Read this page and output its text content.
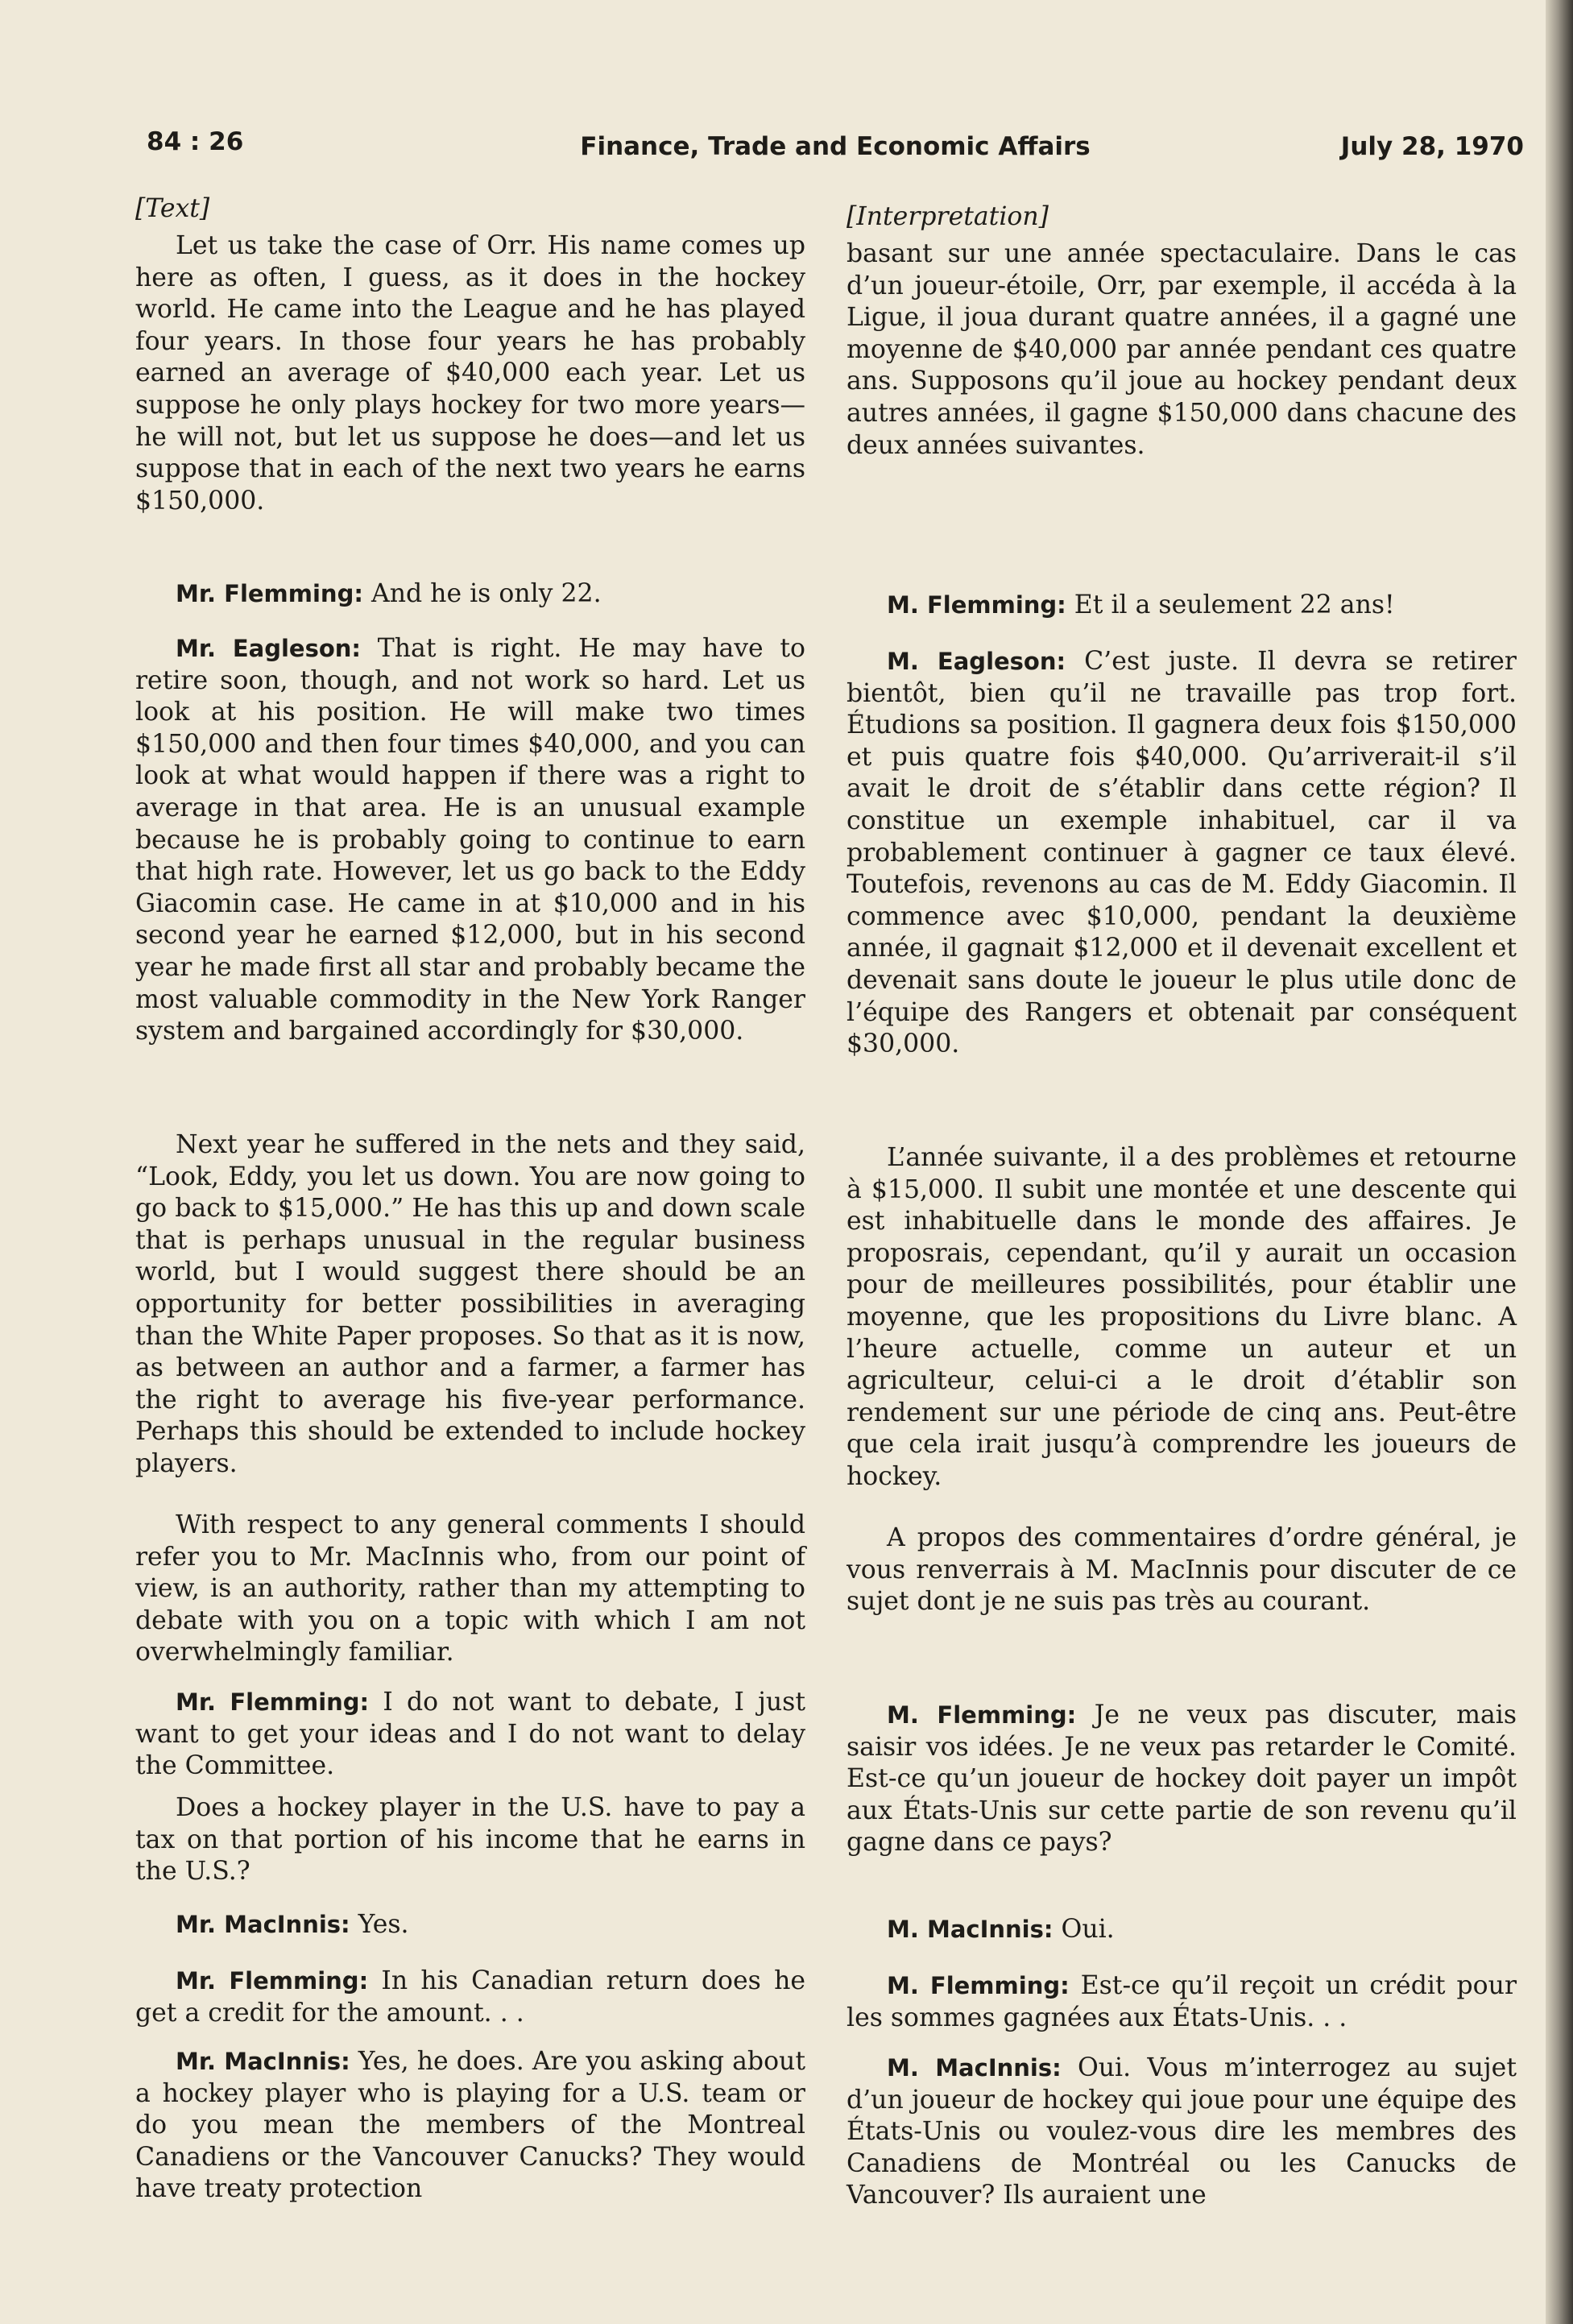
84 : 26	Finance, Trade and Economic Affairs	July 28, 1970
[Text]

Let us take the case of Orr. His name comes up here as often, I guess, as it does in the hockey world. He came into the League and he has played four years. In those four years he has probably earned an average of $40,000 each year. Let us suppose he only plays hockey for two more years—he will not, but let us suppose he does—and let us suppose that in each of the next two years he earns $150,000.

Mr. Flemming: And he is only 22.

Mr. Eagleson: That is right. He may have to retire soon, though, and not work so hard. Let us look at his position. He will make two times $150,000 and then four times $40,000, and you can look at what would happen if there was a right to average in that area. He is an unusual example because he is probably going to continue to earn that high rate. However, let us go back to the Eddy Giacomin case. He came in at $10,000 and in his second year he earned $12,000, but in his second year he made first all star and probably became the most valuable commodity in the New York Ranger system and bargained accordingly for $30,000.

Next year he suffered in the nets and they said, “Look, Eddy, you let us down. You are now going to go back to $15,000.” He has this up and down scale that is perhaps unusual in the regular business world, but I would suggest there should be an opportunity for better possibilities in averaging than the White Paper proposes. So that as it is now, as between an author and a farmer, a farmer has the right to average his five-year performance. Perhaps this should be extended to include hockey players.

With respect to any general comments I should refer you to Mr. MacInnis who, from our point of view, is an authority, rather than my attempting to debate with you on a topic with which I am not overwhelmingly familiar.

Mr. Flemming: I do not want to debate, I just want to get your ideas and I do not want to delay the Committee.

Does a hockey player in the U.S. have to pay a tax on that portion of his income that he earns in the U.S.?

Mr. MacInnis: Yes.

Mr. Flemming: In his Canadian return does he get a credit for the amount. . .

Mr. MacInnis: Yes, he does. Are you asking about a hockey player who is playing for a U.S. team or do you mean the members of the Montreal Canadiens or the Vancouver Canucks? They would have treaty protection

[Interpretation]

basant sur une année spectaculaire. Dans le cas d’un joueur-étoile, Orr, par exemple, il accéda à la Ligue, il joua durant quatre années, il a gagné une moyenne de $40,000 par année pendant ces quatre ans. Supposons qu’il joue au hockey pendant deux autres années, il gagne $150,000 dans chacune des deux années suivantes.

M. Flemming: Et il a seulement 22 ans!

M. Eagleson: C’est juste. Il devra se retirer bientôt, bien qu’il ne travaille pas trop fort. Étudions sa position. Il gagnera deux fois $150,000 et puis quatre fois $40,000. Qu’arriverait-il s’il avait le droit de s’établir dans cette région? Il constitue un exemple inhabituel, car il va probablement continuer à gagner ce taux élevé. Toutefois, revenons au cas de M. Eddy Giacomin. Il commence avec $10,000, pendant la deuxième année, il gagnait $12,000 et il devenait excellent et devenait sans doute le joueur le plus utile donc de l’équipe des Rangers et obtenait par conséquent $30,000.

L’année suivante, il a des problèmes et retourne à $15,000. Il subit une montée et une descente qui est inhabituelle dans le monde des affaires. Je proposrais, cependant, qu’il y aurait un occasion pour de meilleures possibilités, pour établir une moyenne, que les propositions du Livre blanc. A l’heure actuelle, comme un auteur et un agriculteur, celui-ci a le droit d’établir son rendement sur une période de cinq ans. Peut-être que cela irait jusqu’à comprendre les joueurs de hockey.

A propos des commentaires d’ordre général, je vous renverrais à M. MacInnis pour discuter de ce sujet dont je ne suis pas très au courant.

M. Flemming: Je ne veux pas discuter, mais saisir vos idées. Je ne veux pas retarder le Comité. Est-ce qu’un joueur de hockey doit payer un impôt aux États-Unis sur cette partie de son revenu qu’il gagne dans ce pays?

M. MacInnis: Oui.

M. Flemming: Est-ce qu’il reçoit un crédit pour les sommes gagnées aux États-Unis. . .

M. MacInnis: Oui. Vous m’interrogez au sujet d’un joueur de hockey qui joue pour une équipe des États-Unis ou voulez-vous dire les membres des Canadiens de Montréal ou les Canucks de Vancouver? Ils auraient une
